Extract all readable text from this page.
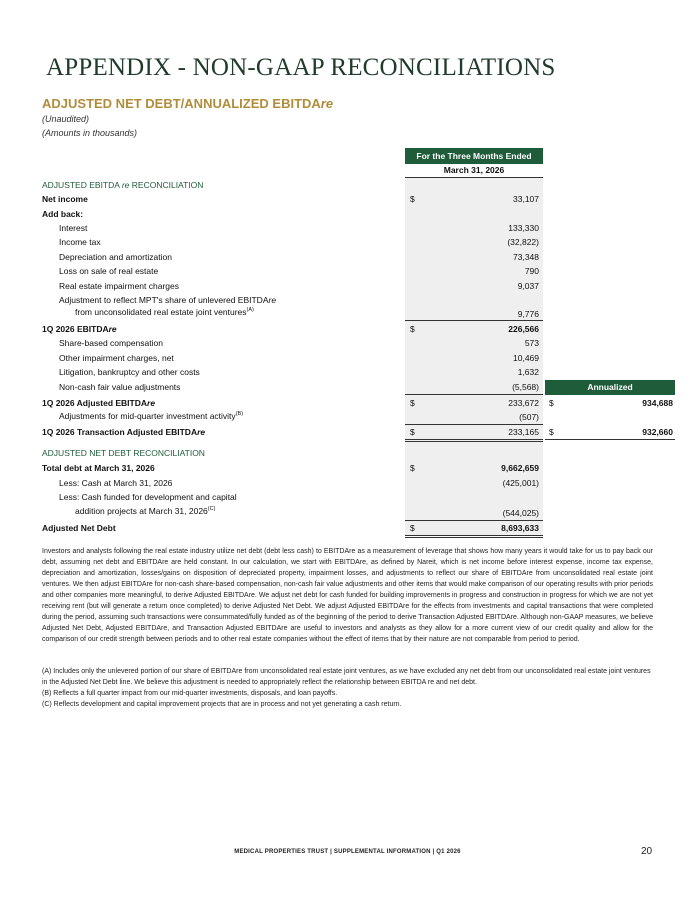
APPENDIX - NON-GAAP RECONCILIATIONS
ADJUSTED NET DEBT/ANNUALIZED EBITDAre
(Unaudited)
(Amounts in thousands)
For the Three Months Ended
March 31, 2026
ADJUSTED EBITDA re RECONCILIATION
Net income	$	33,107
Add back:
Interest	133,330
Income tax	(32,822)
Depreciation and amortization	73,348
Loss on sale of real estate	790
Real estate impairment charges	9,037
Adjustment to reflect MPT's share of unlevered EBITDAre
from unconsolidated real estate joint ventures$^{(A)}$	9,776
1Q 2026 EBITDAre	$	226,566
Share-based compensation	573
Other impairment charges, net	10,469
Litigation, bankruptcy and other costs	1,632
Non-cash fair value adjustments	(5,568)	Annualized
1Q 2026 Adjusted EBITDAre	$	233,672 $	934,688
Adjustments for mid-quarter investment activity$^{(B)}$	(507)
1Q 2026 Transaction Adjusted EBITDAre	$	233,165 $	932,660
ADJUSTED NET DEBT RECONCILIATION
Total debt at March 31, 2026	$	9,662,659
Less: Cash at March 31, 2026	(425,001)
Less: Cash funded for development and capital
addition projects at March 31, $2026^{(C)}$	(544,025)
Adjusted Net Debt	$	8,693,633
Investors and analysts following the real estate industry utilize net debt (debt less cash) to EBITDAre as a measurement of leverage that shows how many years it would take for us to pay back our debt, assuming net debt and EBITDAre are held constant. In our calculation, we start with EBITDAre, as defined by Nareit, which is net income before interest expense, income tax expense, depreciation and amortization, losses/gains on disposition of depreciated property, impairment losses, and adjustments to reflect our share of EBITDAre from unconsolidated real estate joint ventures. We then adjust EBITDAre for non-cash share-based compensation, non-cash fair value adjustments and other items that would make comparison of our operating results with prior periods and other companies more meaningful, to derive Adjusted EBITDAre. We adjust net debt for cash funded for building improvements in progress and construction in progress for which we are not yet receiving rent (but will generate a return once completed) to derive Adjusted Net Debt. We adjust Adjusted EBITDAre for the effects from investments and capital transactions that were completed during the period, assuming such transactions were consummated/fully funded as of the beginning of the period to derive Transaction Adjusted EBITDAre. Although non-GAAP measures, we believe Adjusted Net Debt, Adjusted EBITDAre, and Transaction Adjusted EBITDAre are useful to investors and analysts as they allow for a more current view of our credit quality and allow for the comparison of our credit strength between periods and to other real estate companies without the effect of items that by their nature are not comparable from period to period.
(A) Includes only the unlevered portion of our share of EBITDAre from unconsolidated real estate joint ventures, as we have excluded any net debt from our unconsolidated real estate joint ventures in the Adjusted Net Debt line. We believe this adjustment is needed to appropriately reflect the relationship between EBITDA re and net debt.
(B) Reflects a full quarter impact from our mid-quarter investments, disposals, and loan payoffs.
(C) Reflects development and capital improvement projects that are in process and not yet generating a cash return.
MEDICAL PROPERTIES TRUST | SUPPLEMENTAL INFORMATION | Q1 2026	20
